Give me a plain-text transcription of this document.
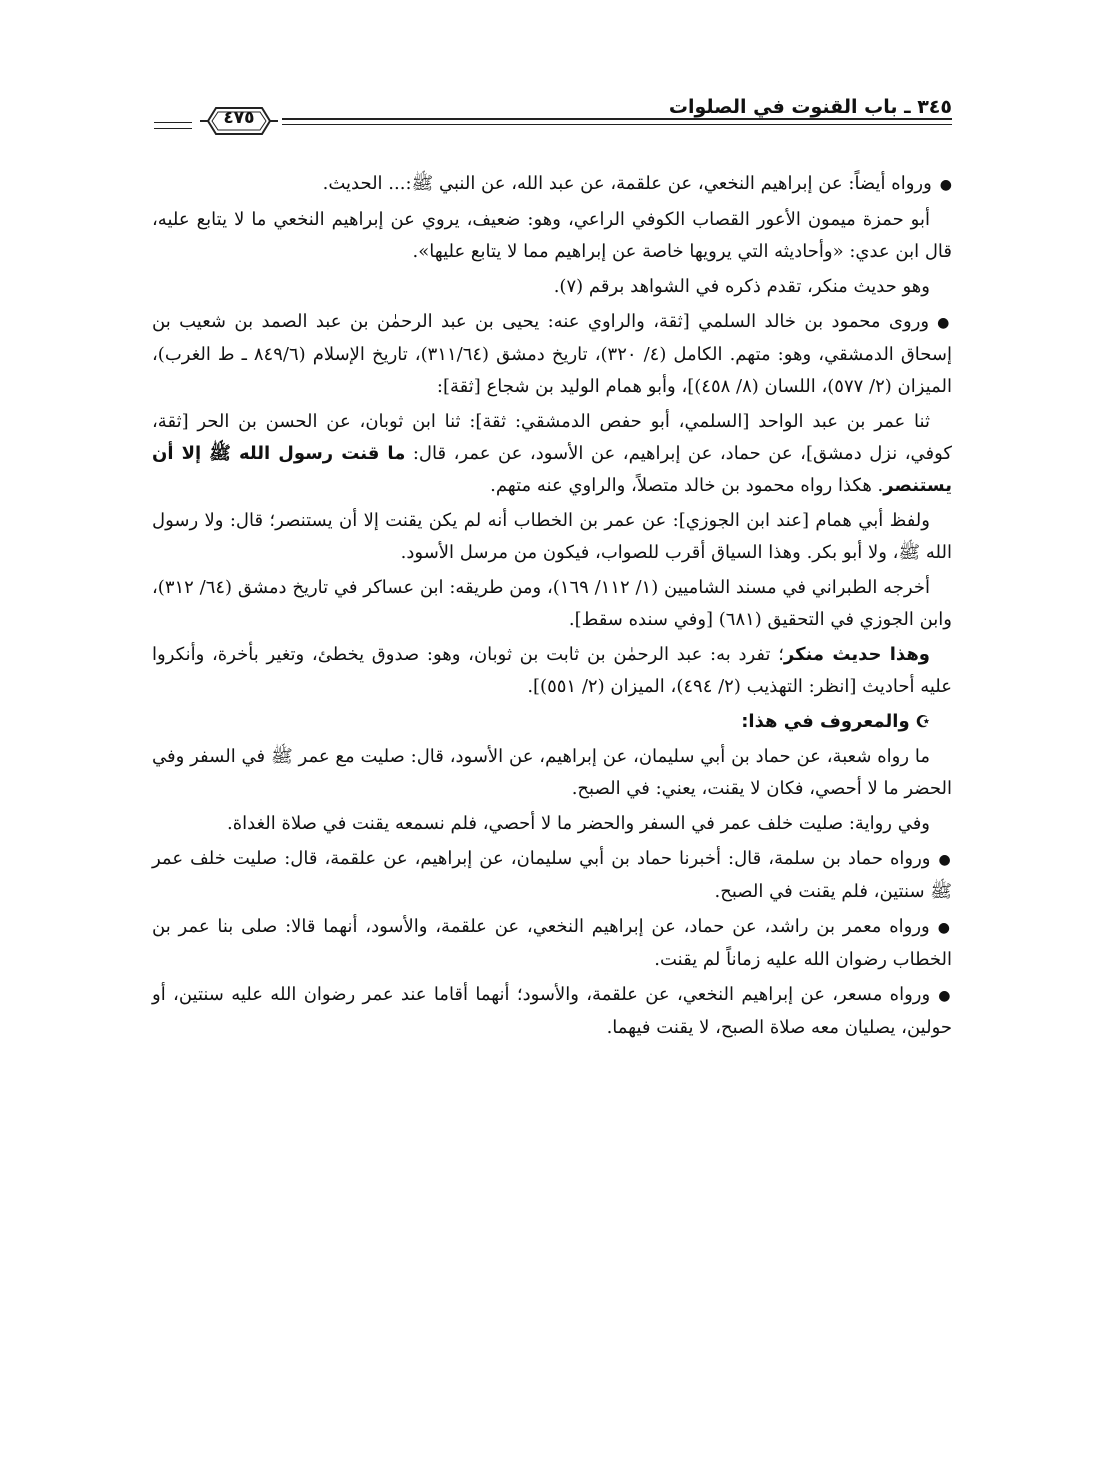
٣٤٥ ـ باب القنوت في الصلوات
٤٧٥

●ورواه أيضاً: عن إبراهيم النخعي، عن علقمة، عن عبد الله، عن النبي ﷺ:... الحديث.

أبو حمزة ميمون الأعور القصاب الكوفي الراعي، وهو: ضعيف، يروي عن إبراهيم النخعي ما لا يتابع عليه، قال ابن عدي: «وأحاديثه التي يرويها خاصة عن إبراهيم مما لا يتابع عليها».

وهو حديث منكر، تقدم ذكره في الشواهد برقم (٧).

●وروى محمود بن خالد السلمي [ثقة، والراوي عنه: يحيى بن عبد الرحمٰن بن عبد الصمد بن شعيب بن إسحاق الدمشقي، وهو: متهم. الكامل (٤/ ٣٢٠)، تاريخ دمشق (٣١١/٦٤)، تاريخ الإسلام (٨٤٩/٦ ـ ط الغرب)، الميزان (٢/ ٥٧٧)، اللسان (٨/ ٤٥٨)]، وأبو همام الوليد بن شجاع [ثقة]:

ثنا عمر بن عبد الواحد [السلمي، أبو حفص الدمشقي: ثقة]: ثنا ابن ثوبان، عن الحسن بن الحر [ثقة، كوفي، نزل دمشق]، عن حماد، عن إبراهيم، عن الأسود، عن عمر، قال: ما قنت رسول الله ﷺ إلا أن يستنصر. هكذا رواه محمود بن خالد متصلاً، والراوي عنه متهم.

ولفظ أبي همام [عند ابن الجوزي]: عن عمر بن الخطاب أنه لم يكن يقنت إلا أن يستنصر؛ قال: ولا رسول الله ﷺ، ولا أبو بكر. وهذا السياق أقرب للصواب، فيكون من مرسل الأسود.

أخرجه الطبراني في مسند الشاميين (١/ ١١٢/ ١٦٩)، ومن طريقه: ابن عساكر في تاريخ دمشق (٦٤/ ٣١٢)، وابن الجوزي في التحقيق (٦٨١) [وفي سنده سقط].

وهذا حديث منكر؛ تفرد به: عبد الرحمٰن بن ثابت بن ثوبان، وهو: صدوق يخطئ، وتغير بأخرة، وأنكروا عليه أحاديث [انظر: التهذيب (٢/ ٤٩٤)، الميزان (٢/ ٥٥١)].

☪والمعروف في هذا:

ما رواه شعبة، عن حماد بن أبي سليمان، عن إبراهيم، عن الأسود، قال: صليت مع عمر ﷺ في السفر وفي الحضر ما لا أحصي، فكان لا يقنت، يعني: في الصبح.

وفي رواية: صليت خلف عمر في السفر والحضر ما لا أحصي، فلم نسمعه يقنت في صلاة الغداة.

●ورواه حماد بن سلمة، قال: أخبرنا حماد بن أبي سليمان، عن إبراهيم، عن علقمة، قال: صليت خلف عمر ﷺ سنتين، فلم يقنت في الصبح.

●ورواه معمر بن راشد، عن حماد، عن إبراهيم النخعي، عن علقمة، والأسود، أنهما قالا: صلى بنا عمر بن الخطاب رضوان الله عليه زماناً لم يقنت.

●ورواه مسعر، عن إبراهيم النخعي، عن علقمة، والأسود؛ أنهما أقاما عند عمر رضوان الله عليه سنتين، أو حولين، يصليان معه صلاة الصبح، لا يقنت فيهما.
